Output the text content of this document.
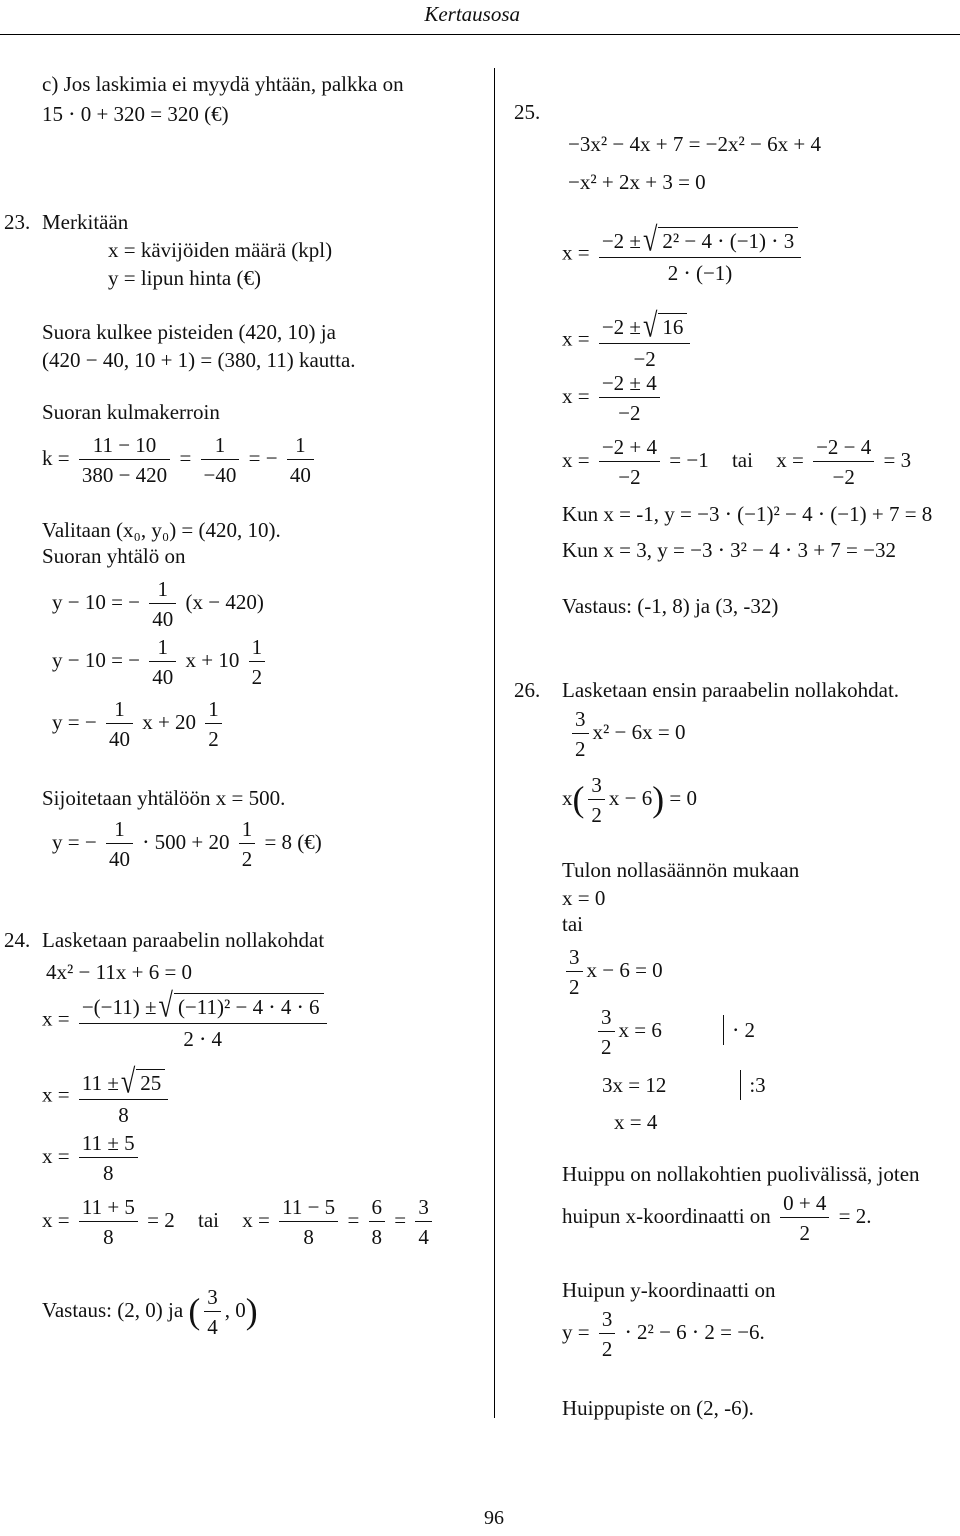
Kertausosa
c) Jos laskimia ei myydä yhtään, palkka on
15 ⋅ 0 + 320 = 320 (€)
23. Merkitään
x = kävijöiden määrä (kpl)
y = lipun hinta (€)
Suora kulkee pisteiden (420, 10) ja
(420 − 40, 10 + 1) = (380, 11) kautta.
Suoran kulmakerroin
$k = \frac{11 - 10}{380 - 420} = \frac{1}{-40}$ = − $\frac{1}{40}$
Valitaan (x₀, y₀) = (420, 10).
Suoran yhtälö on
y − 10 = − $\frac{1}{40} (x - 420)$
y − 10 = − $\frac{1}{40}$ $x + 10 \frac{1}{2}$
y = − $\frac{1}{40}$ $x + 20 \frac{1}{2}$
Sijoitetaan yhtälöön x = 500.
y = − $\frac{1}{40} \cdot 500 + 20 \frac{1}{2} = 8$ (€)
24. Lasketaan paraabelin nollakohdat
4x² − 11x + 6 = 0
$x = \frac{\text{−(−11) ±√ (−11)² − 4 ⋅ 4 ⋅ 6}}{2 \cdot 4}$
$x = \frac{11 \pm√ 25}{8}$
$x = \frac{11 \pm 5}{8}$
$x = \frac{11 + 5}{8} = 2$ tai $x = \frac{11 - 5}{8} = \frac{6}{8} = \frac{3}{4}$
Vastaus: (2, 0) ja ( $\frac{3}{4}$ , 0)
25.
−3x² − 4x + 7 = −2x² − 6x + 4
−x² + 2x + 3 = 0
$x = \frac{\text{−2 ±√ 2² − 4 ⋅ (−1) ⋅ 3}}{2 \cdot (-1)}$
$x = \frac{-2 \pm√ 16}{-2}$
$x = \frac{-2 \pm 4}{-2}$
$x = \frac{-2 + 4}{-2} = -1$ tai $x = \frac{-2 - 4}{-2} = 3$
Kun x = -1, y = −3 ⋅ (−1)² − 4 ⋅ (−1) + 7 = 8
Kun x = 3, y = −3 ⋅ 3² − 4 ⋅ 3 + 7 = −32
Vastaus: (-1, 8) ja (3, -32)
26. Lasketaan ensin paraabelin nollakohdat.
$\frac{3}{2} x^2 - 6x = 0$
$x( \frac{3}{2}$ x − 6) = 0
Tulon nollasäännön mukaan
x = 0
tai
$\frac{3}{2}$ x − 6 = 0
$\frac{3}{2}$ x = 6	⋅ 2
3x = 12	:3
x = 4
Huippu on nollakohtien puolivälissä, joten
huipun x-koordinaatti on $\frac{0 + 4}{2} = 2$.
Huipun y-koordinaatti on
$y = \frac{3}{2} \cdot 2^2 - 6 \cdot 2 = -6$.
Huippupiste on (2, -6).
96
